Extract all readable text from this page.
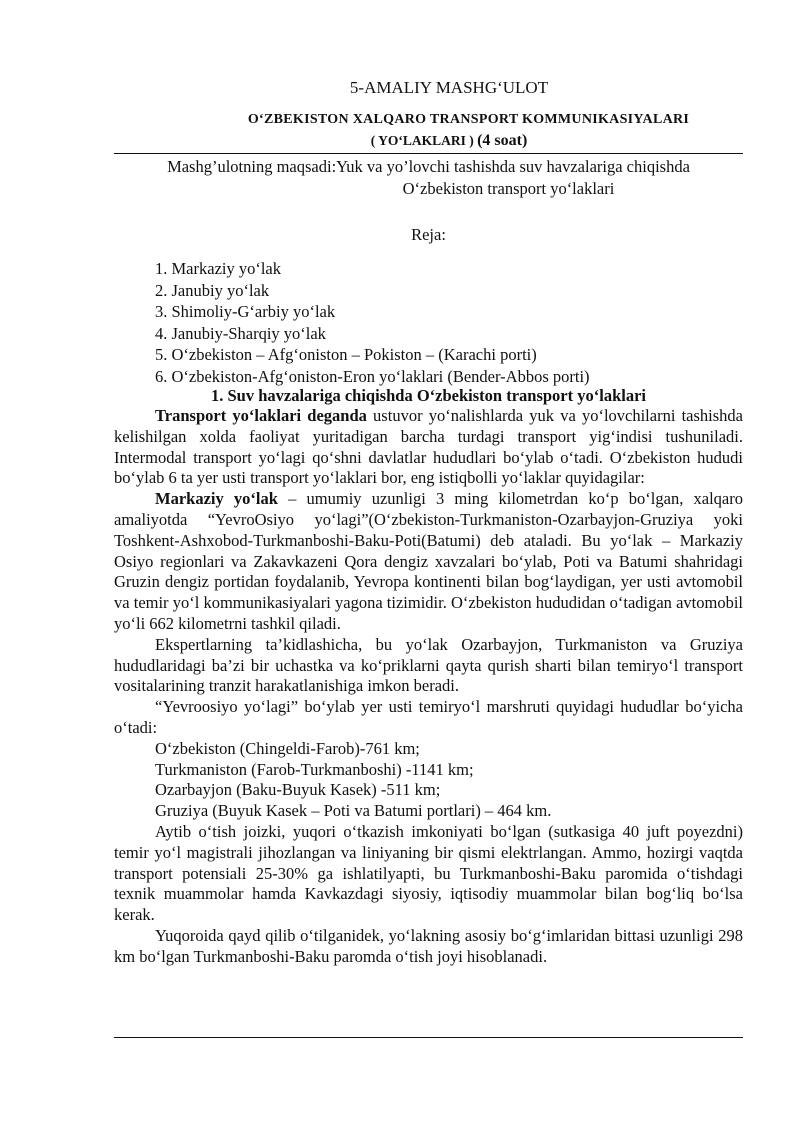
5-AMALIY MASHG‘ULOT
O‘ZBEKISTON XALQARO TRANSPORT KOMMUNIKASIYALARI
( YO‘LAKLARI ) (4 soat)
Mashg’ulotning maqsadi:Yuk va yo’lovchi tashishda suv havzalariga chiqishda
O‘zbekiston transport yo‘laklari
Reja:
1. Markaziy yo‘lak
2. Janubiy yo‘lak
3. Shimoliy-G‘arbiy yo‘lak
4. Janubiy-Sharqiy yo‘lak
5. O‘zbekiston – Afg‘oniston – Pokiston – (Karachi porti)
6. O‘zbekiston-Afg‘oniston-Eron yo‘laklari (Bender-Abbos porti)
1. Suv havzalariga chiqishda O‘zbekiston transport yo‘laklari

Transport yo‘laklari deganda ustuvor yo‘nalishlarda yuk va yo‘lovchilarni tashishda kelishilgan xolda faoliyat yuritadigan barcha turdagi transport yig‘indisi tushuniladi. Intermodal transport yo‘lagi qo‘shni davlatlar hududlari bo‘ylab o‘tadi. O‘zbekiston hududi bo‘ylab 6 ta yer usti transport yo‘laklari bor, eng istiqbolli yo‘laklar quyidagilar:

Markaziy yo‘lak – umumiy uzunligi 3 ming kilometrdan ko‘p bo‘lgan, xalqaro amaliyotda “YevroOsiyo yo‘lagi”(O‘zbekiston-Turkmaniston-Ozarbayjon-Gruziya yoki Toshkent-Ashxobod-Turkmanboshi-Baku-Poti(Batumi) deb ataladi. Bu yo‘lak – Markaziy Osiyo regionlari va Zakavkazeni Qora dengiz xavzalari bo‘ylab, Poti va Batumi shahridagi Gruzin dengiz portidan foydalanib, Yevropa kontinenti bilan bog‘laydigan, yer usti avtomobil va temir yo‘l kommunikasiyalari yagona tizimidir. O‘zbekiston hududidan o‘tadigan avtomobil yo‘li 662 kilometrni tashkil qiladi.

Ekspertlarning ta’kidlashicha, bu yo‘lak Ozarbayjon, Turkmaniston va Gruziya hududlaridagi ba’zi bir uchastka va ko‘priklarni qayta qurish sharti bilan temiryo‘l transport vositalarining tranzit harakatlanishiga imkon beradi.

“Yevroosiyo yo‘lagi” bo‘ylab yer usti temiryo‘l marshruti quyidagi hududlar bo‘yicha o‘tadi:

O‘zbekiston (Chingeldi-Farob)-761 km;

Turkmaniston (Farob-Turkmanboshi) -1141 km;

Ozarbayjon (Baku-Buyuk Kasek) -511 km;

Gruziya (Buyuk Kasek – Poti va Batumi portlari) – 464 km.

Aytib o‘tish joizki, yuqori o‘tkazish imkoniyati bo‘lgan (sutkasiga 40 juft poyezdni) temir yo‘l magistrali jihozlangan va liniyaning bir qismi elektrlangan. Ammo, hozirgi vaqtda transport potensiali 25-30% ga ishlatilyapti, bu Turkmanboshi-Baku paromida o‘tishdagi texnik muammolar hamda Kavkazdagi siyosiy, iqtisodiy muammolar bilan bog‘liq bo‘lsa kerak.

Yuqoroida qayd qilib o‘tilganidek, yo‘lakning asosiy bo‘g‘imlaridan bittasi uzunligi 298 km bo‘lgan Turkmanboshi-Baku paromda o‘tish joyi hisoblanadi.
